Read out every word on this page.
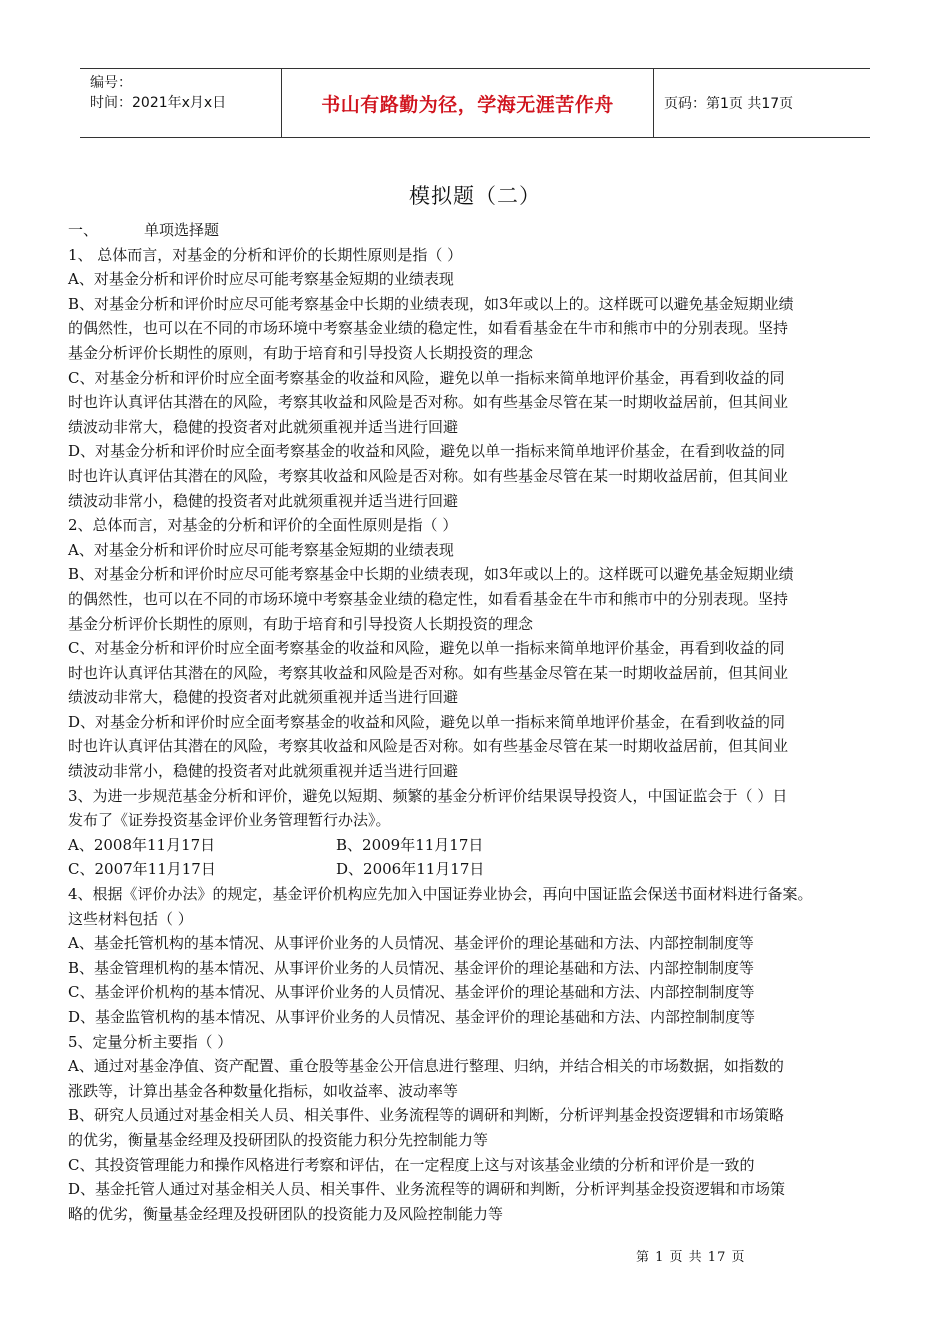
编号：
时间：2021年x月x日	书山有路勤为径，学海无涯苦作舟	页码：第1页 共17页
模拟题（二）
一、	单项选择题

1、 总体而言，对基金的分析和评价的长期性原则是指（ ）

A、对基金分析和评价时应尽可能考察基金短期的业绩表现

B、对基金分析和评价时应尽可能考察基金中长期的业绩表现，如3年或以上的。这样既可以避免基金短期业绩

的偶然性，也可以在不同的市场环境中考察基金业绩的稳定性，如看看基金在牛市和熊市中的分别表现。坚持

基金分析评价长期性的原则，有助于培育和引导投资人长期投资的理念

C、对基金分析和评价时应全面考察基金的收益和风险，避免以单一指标来简单地评价基金，再看到收益的同

时也许认真评估其潜在的风险，考察其收益和风险是否对称。如有些基金尽管在某一时期收益居前，但其间业

绩波动非常大，稳健的投资者对此就须重视并适当进行回避

D、对基金分析和评价时应全面考察基金的收益和风险，避免以单一指标来简单地评价基金，在看到收益的同

时也许认真评估其潜在的风险，考察其收益和风险是否对称。如有些基金尽管在某一时期收益居前，但其间业

绩波动非常小，稳健的投资者对此就须重视并适当进行回避

2、总体而言，对基金的分析和评价的全面性原则是指（ ）

A、对基金分析和评价时应尽可能考察基金短期的业绩表现

B、对基金分析和评价时应尽可能考察基金中长期的业绩表现，如3年或以上的。这样既可以避免基金短期业绩

的偶然性，也可以在不同的市场环境中考察基金业绩的稳定性，如看看基金在牛市和熊市中的分别表现。坚持

基金分析评价长期性的原则，有助于培育和引导投资人长期投资的理念

C、对基金分析和评价时应全面考察基金的收益和风险，避免以单一指标来简单地评价基金，再看到收益的同

时也许认真评估其潜在的风险，考察其收益和风险是否对称。如有些基金尽管在某一时期收益居前，但其间业

绩波动非常大，稳健的投资者对此就须重视并适当进行回避

D、对基金分析和评价时应全面考察基金的收益和风险，避免以单一指标来简单地评价基金，在看到收益的同

时也许认真评估其潜在的风险，考察其收益和风险是否对称。如有些基金尽管在某一时期收益居前，但其间业

绩波动非常小，稳健的投资者对此就须重视并适当进行回避

3、为进一步规范基金分析和评价，避免以短期、频繁的基金分析评价结果误导投资人，中国证监会于（ ）日

发布了《证券投资基金评价业务管理暂行办法》。

A、2008年11月17日	B、2009年11月17日
C、2007年11月17日	D、2006年11月17日

4、根据《评价办法》的规定，基金评价机构应先加入中国证券业协会，再向中国证监会保送书面材料进行备案。

这些材料包括（ ）

A、基金托管机构的基本情况、从事评价业务的人员情况、基金评价的理论基础和方法、内部控制制度等

B、基金管理机构的基本情况、从事评价业务的人员情况、基金评价的理论基础和方法、内部控制制度等

C、基金评价机构的基本情况、从事评价业务的人员情况、基金评价的理论基础和方法、内部控制制度等

D、基金监管机构的基本情况、从事评价业务的人员情况、基金评价的理论基础和方法、内部控制制度等

5、定量分析主要指（ ）

A、通过对基金净值、资产配置、重仓股等基金公开信息进行整理、归纳，并结合相关的市场数据，如指数的

涨跌等，计算出基金各种数量化指标，如收益率、波动率等

B、研究人员通过对基金相关人员、相关事件、业务流程等的调研和判断，分析评判基金投资逻辑和市场策略

的优劣，衡量基金经理及投研团队的投资能力积分先控制能力等

C、其投资管理能力和操作风格进行考察和评估，在一定程度上这与对该基金业绩的分析和评价是一致的

D、基金托管人通过对基金相关人员、相关事件、业务流程等的调研和判断，分析评判基金投资逻辑和市场策

略的优劣，衡量基金经理及投研团队的投资能力及风险控制能力等

第 1 页 共 17 页
